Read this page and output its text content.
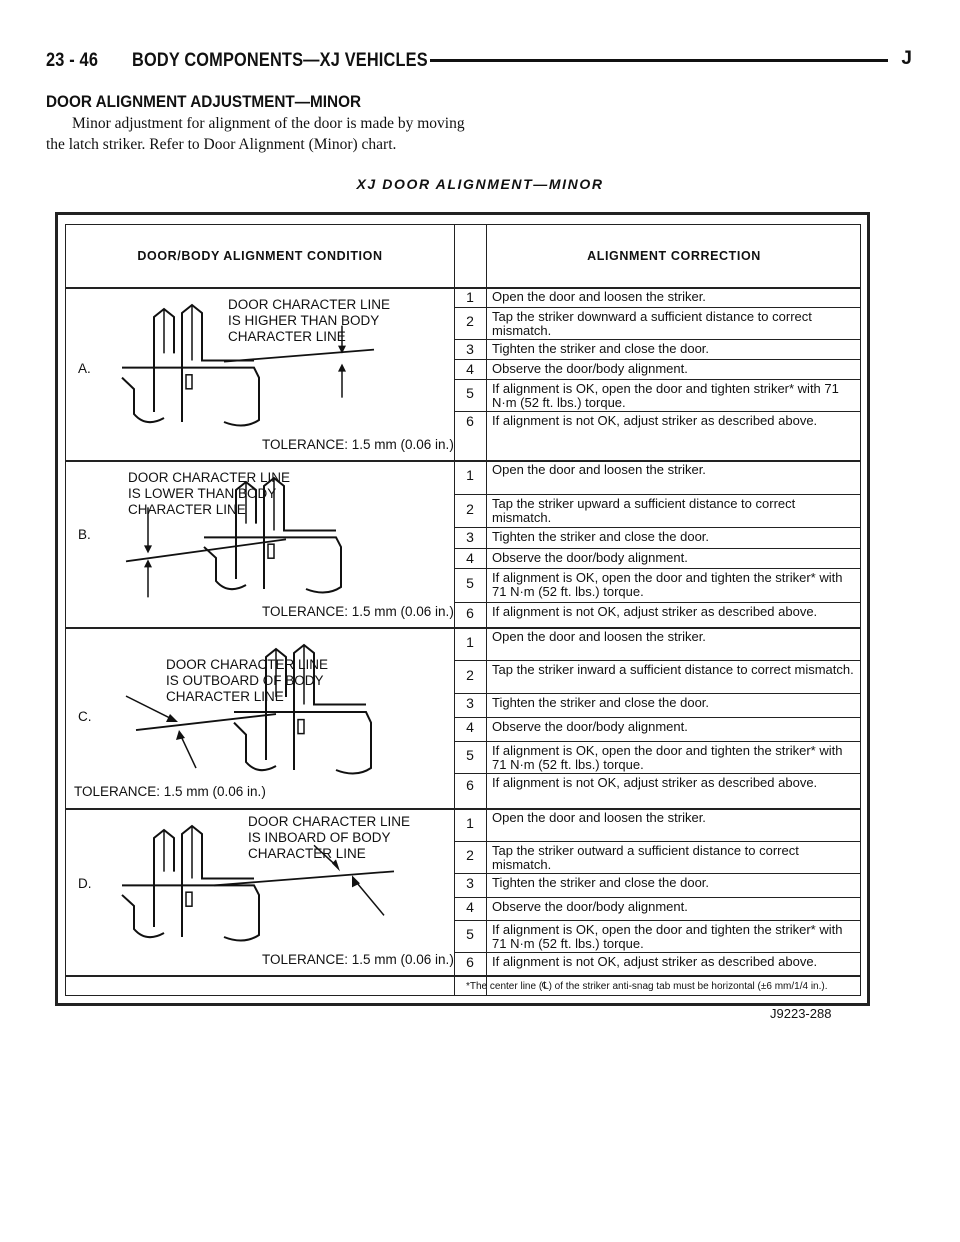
23 - 46	BODY COMPONENTS—XJ VEHICLES	J
DOOR ALIGNMENT ADJUSTMENT—MINOR

Minor adjustment for alignment of the door is made by moving the latch striker. Refer to Door Alignment (Minor) chart.

XJ DOOR ALIGNMENT—MINOR
DOOR/BODY ALIGNMENT CONDITION	ALIGNMENT CORRECTION
DOOR CHARACTER LINE
IS HIGHER THAN BODY
CHARACTER LINE
A.
TOLERANCE: 1.5 mm (0.06 in.)
1	Open the door and loosen the striker.
2	Tap the striker downward a sufficient distance to correct mismatch.
3	Tighten the striker and close the door.
4	Observe the door/body alignment.
5	If alignment is OK, open the door and tighten striker* with 71 N·m (52 ft. lbs.) torque.
6	If alignment is not OK, adjust striker as described above.
DOOR CHARACTER LINE
IS LOWER THAN BODY
CHARACTER LINE
B.
TOLERANCE: 1.5 mm (0.06 in.)
1	Open the door and loosen the striker.
2	Tap the striker upward a sufficient distance to correct mismatch.
3	Tighten the striker and close the door.
4	Observe the door/body alignment.
5	If alignment is OK, open the door and tighten the striker* with 71 N·m (52 ft. lbs.) torque.
6	If alignment is not OK, adjust striker as described above.
DOOR CHARACTER LINE
IS OUTBOARD OF BODY
CHARACTER LINE
C.
TOLERANCE: 1.5 mm (0.06 in.)
1	Open the door and loosen the striker.
2	Tap the striker inward a sufficient distance to correct mismatch.
3	Tighten the striker and close the door.
4	Observe the door/body alignment.
5	If alignment is OK, open the door and tighten the striker* with 71 N·m (52 ft. lbs.) torque.
6	If alignment is not OK, adjust striker as described above.
DOOR CHARACTER LINE
IS INBOARD OF BODY
CHARACTER LINE
D.
TOLERANCE: 1.5 mm (0.06 in.)
1	Open the door and loosen the striker.
2	Tap the striker outward a sufficient distance to correct mismatch.
3	Tighten the striker and close the door.
4	Observe the door/body alignment.
5	If alignment is OK, open the door and tighten the striker* with 71 N·m (52 ft. lbs.) torque.
6	If alignment is not OK, adjust striker as described above.
*The center line (℄) of the striker anti-snag tab must be horizontal (±6 mm/1/4 in.).
J9223-288
